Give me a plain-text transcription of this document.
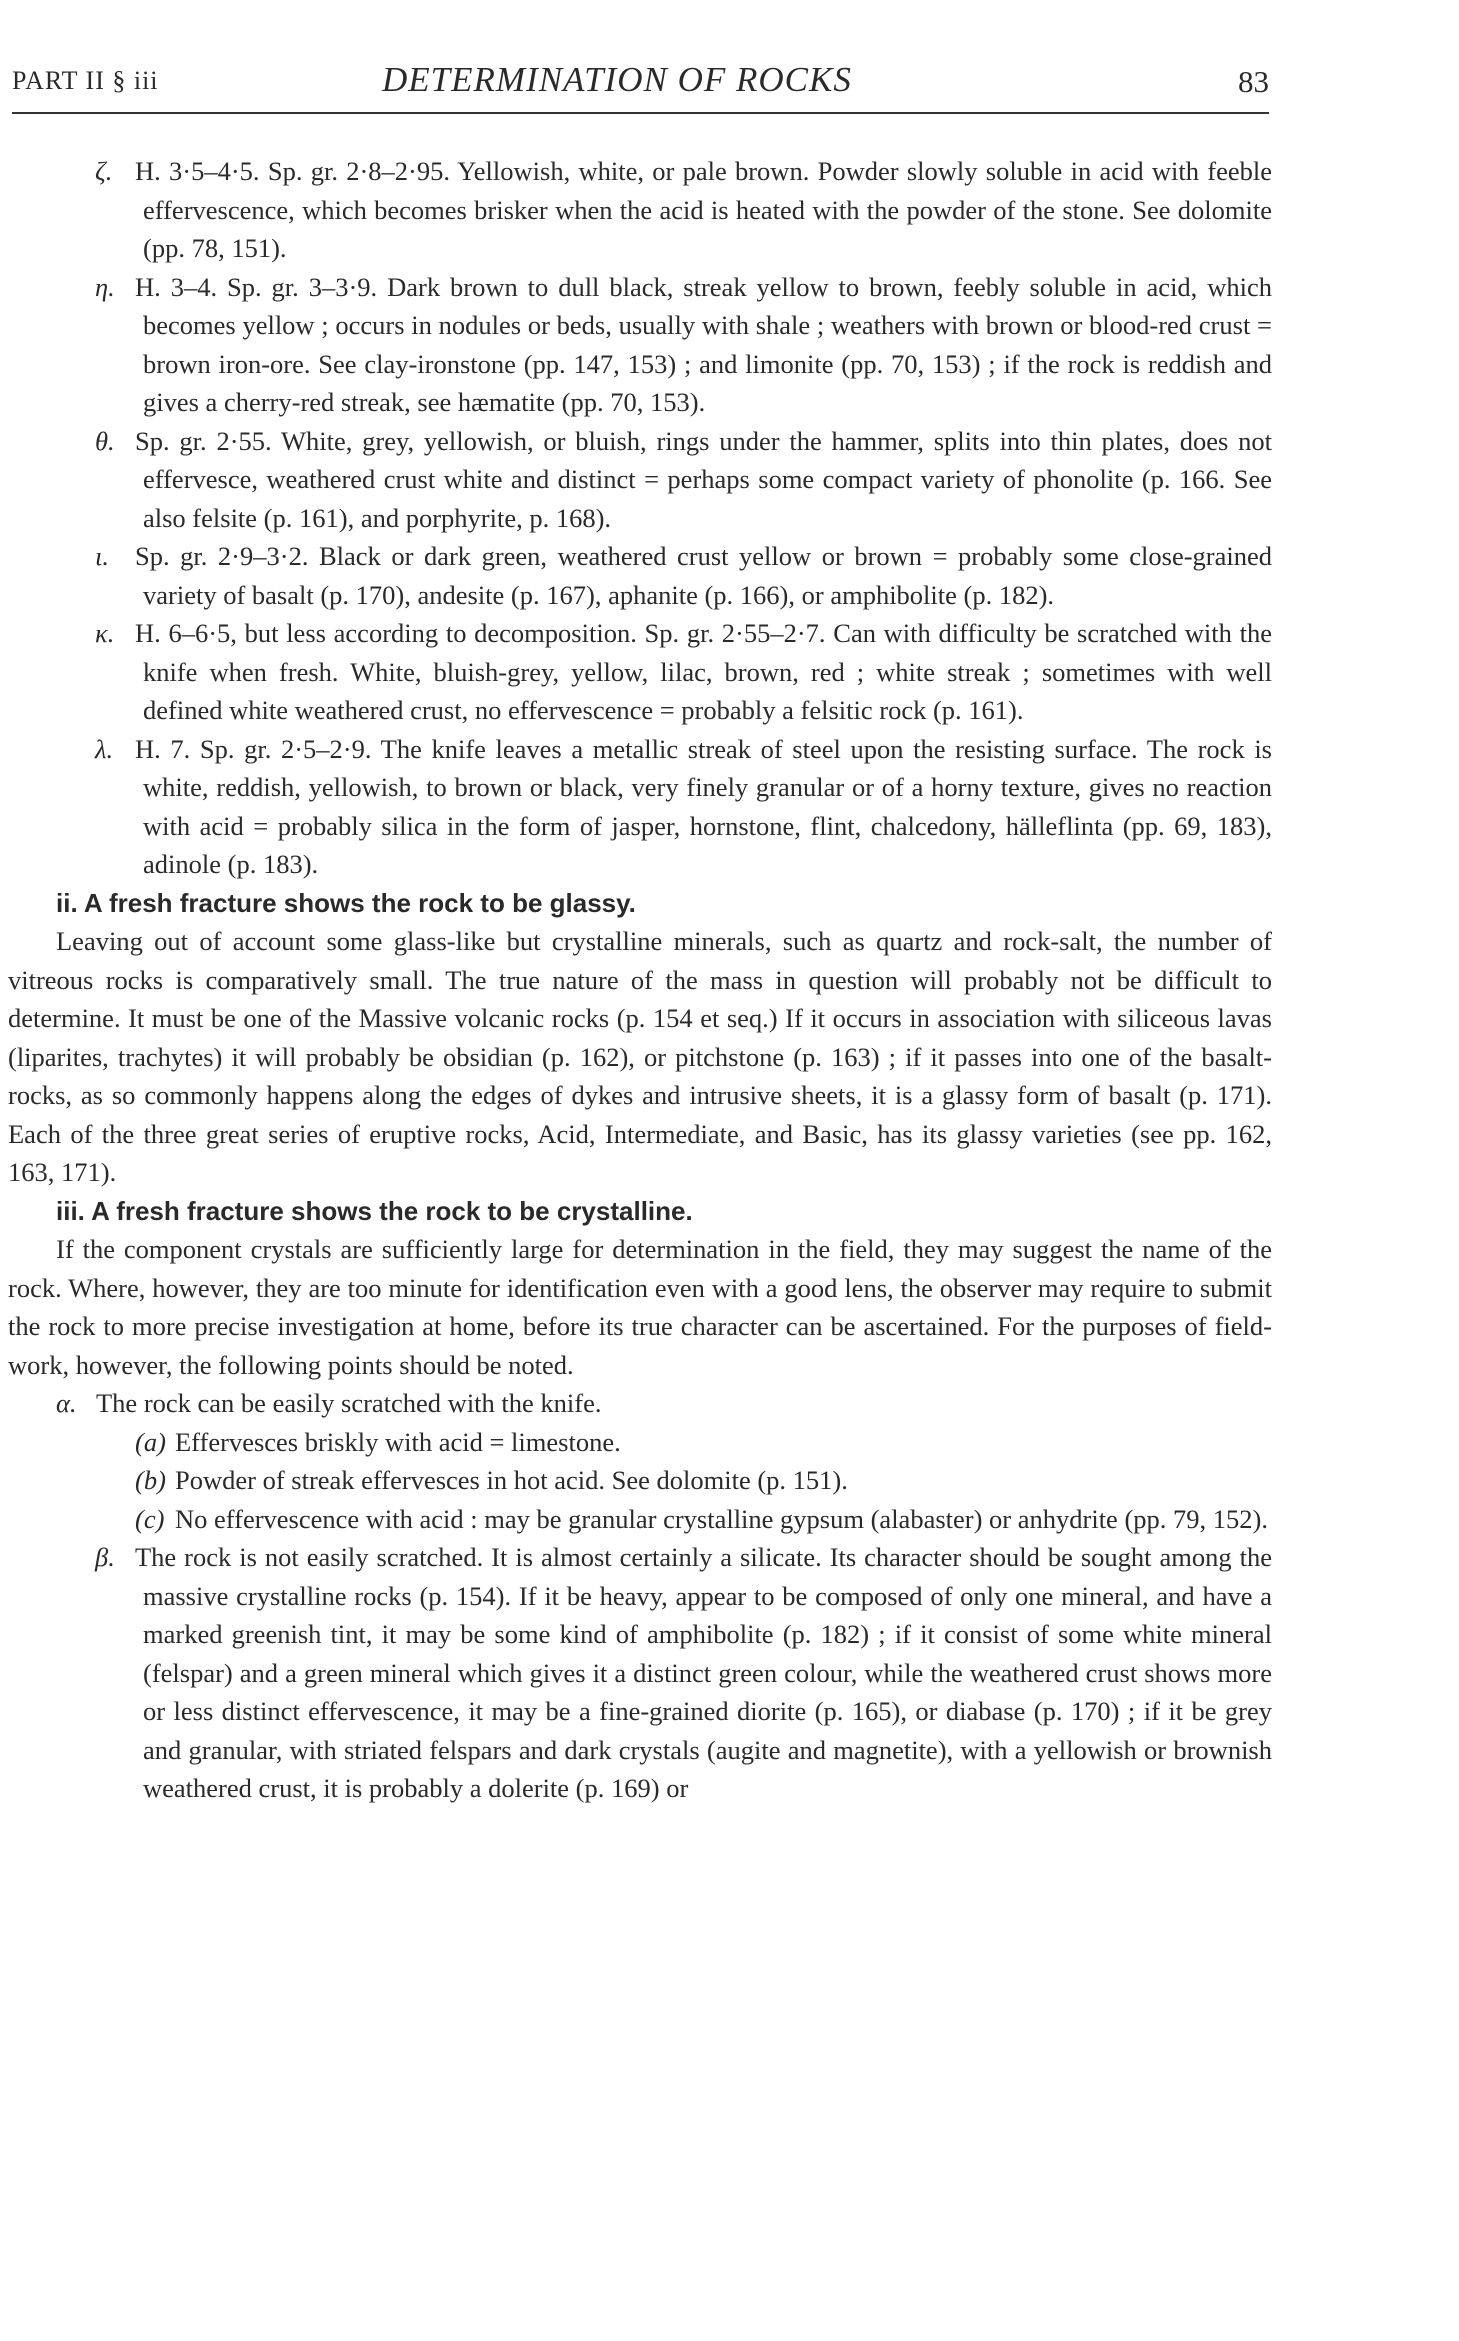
PART II § iii	DETERMINATION OF ROCKS	83
ζ. H. 3·5–4·5. Sp. gr. 2·8–2·95. Yellowish, white, or pale brown. Powder slowly soluble in acid with feeble effervescence, which becomes brisker when the acid is heated with the powder of the stone. See dolomite (pp. 78, 151).
η. H. 3–4. Sp. gr. 3–3·9. Dark brown to dull black, streak yellow to brown, feebly soluble in acid, which becomes yellow ; occurs in nodules or beds, usually with shale ; weathers with brown or blood-red crust = brown iron-ore. See clay-ironstone (pp. 147, 153) ; and limonite (pp. 70, 153) ; if the rock is reddish and gives a cherry-red streak, see hæmatite (pp. 70, 153).
θ. Sp. gr. 2·55. White, grey, yellowish, or bluish, rings under the hammer, splits into thin plates, does not effervesce, weathered crust white and distinct = perhaps some compact variety of phonolite (p. 166. See also felsite (p. 161), and porphyrite, p. 168).
ι. Sp. gr. 2·9–3·2. Black or dark green, weathered crust yellow or brown = probably some close-grained variety of basalt (p. 170), andesite (p. 167), aphanite (p. 166), or amphibolite (p. 182).
κ. H. 6–6·5, but less according to decomposition. Sp. gr. 2·55–2·7. Can with difficulty be scratched with the knife when fresh. White, bluish-grey, yellow, lilac, brown, red ; white streak ; sometimes with well defined white weathered crust, no effervescence = probably a felsitic rock (p. 161).
λ. H. 7. Sp. gr. 2·5–2·9. The knife leaves a metallic streak of steel upon the resisting surface. The rock is white, reddish, yellowish, to brown or black, very finely granular or of a horny texture, gives no reaction with acid = probably silica in the form of jasper, hornstone, flint, chalcedony, hälleflinta (pp. 69, 183), adinole (p. 183).
ii. A fresh fracture shows the rock to be glassy.
Leaving out of account some glass-like but crystalline minerals, such as quartz and rock-salt, the number of vitreous rocks is comparatively small. The true nature of the mass in question will probably not be difficult to determine. It must be one of the Massive volcanic rocks (p. 154 et seq.) If it occurs in association with siliceous lavas (liparites, trachytes) it will probably be obsidian (p. 162), or pitchstone (p. 163) ; if it passes into one of the basalt-rocks, as so commonly happens along the edges of dykes and intrusive sheets, it is a glassy form of basalt (p. 171). Each of the three great series of eruptive rocks, Acid, Intermediate, and Basic, has its glassy varieties (see pp. 162, 163, 171).
iii. A fresh fracture shows the rock to be crystalline.
If the component crystals are sufficiently large for determination in the field, they may suggest the name of the rock. Where, however, they are too minute for identification even with a good lens, the observer may require to submit the rock to more precise investigation at home, before its true character can be ascertained. For the purposes of field-work, however, the following points should be noted.
α. The rock can be easily scratched with the knife.
(a) Effervesces briskly with acid = limestone.
(b) Powder of streak effervesces in hot acid. See dolomite (p. 151).
(c) No effervescence with acid : may be granular crystalline gypsum (alabaster) or anhydrite (pp. 79, 152).
β. The rock is not easily scratched. It is almost certainly a silicate. Its character should be sought among the massive crystalline rocks (p. 154). If it be heavy, appear to be composed of only one mineral, and have a marked greenish tint, it may be some kind of amphibolite (p. 182) ; if it consist of some white mineral (felspar) and a green mineral which gives it a distinct green colour, while the weathered crust shows more or less distinct effervescence, it may be a fine-grained diorite (p. 165), or diabase (p. 170) ; if it be grey and granular, with striated felspars and dark crystals (augite and magnetite), with a yellowish or brownish weathered crust, it is probably a dolerite (p. 169) or
